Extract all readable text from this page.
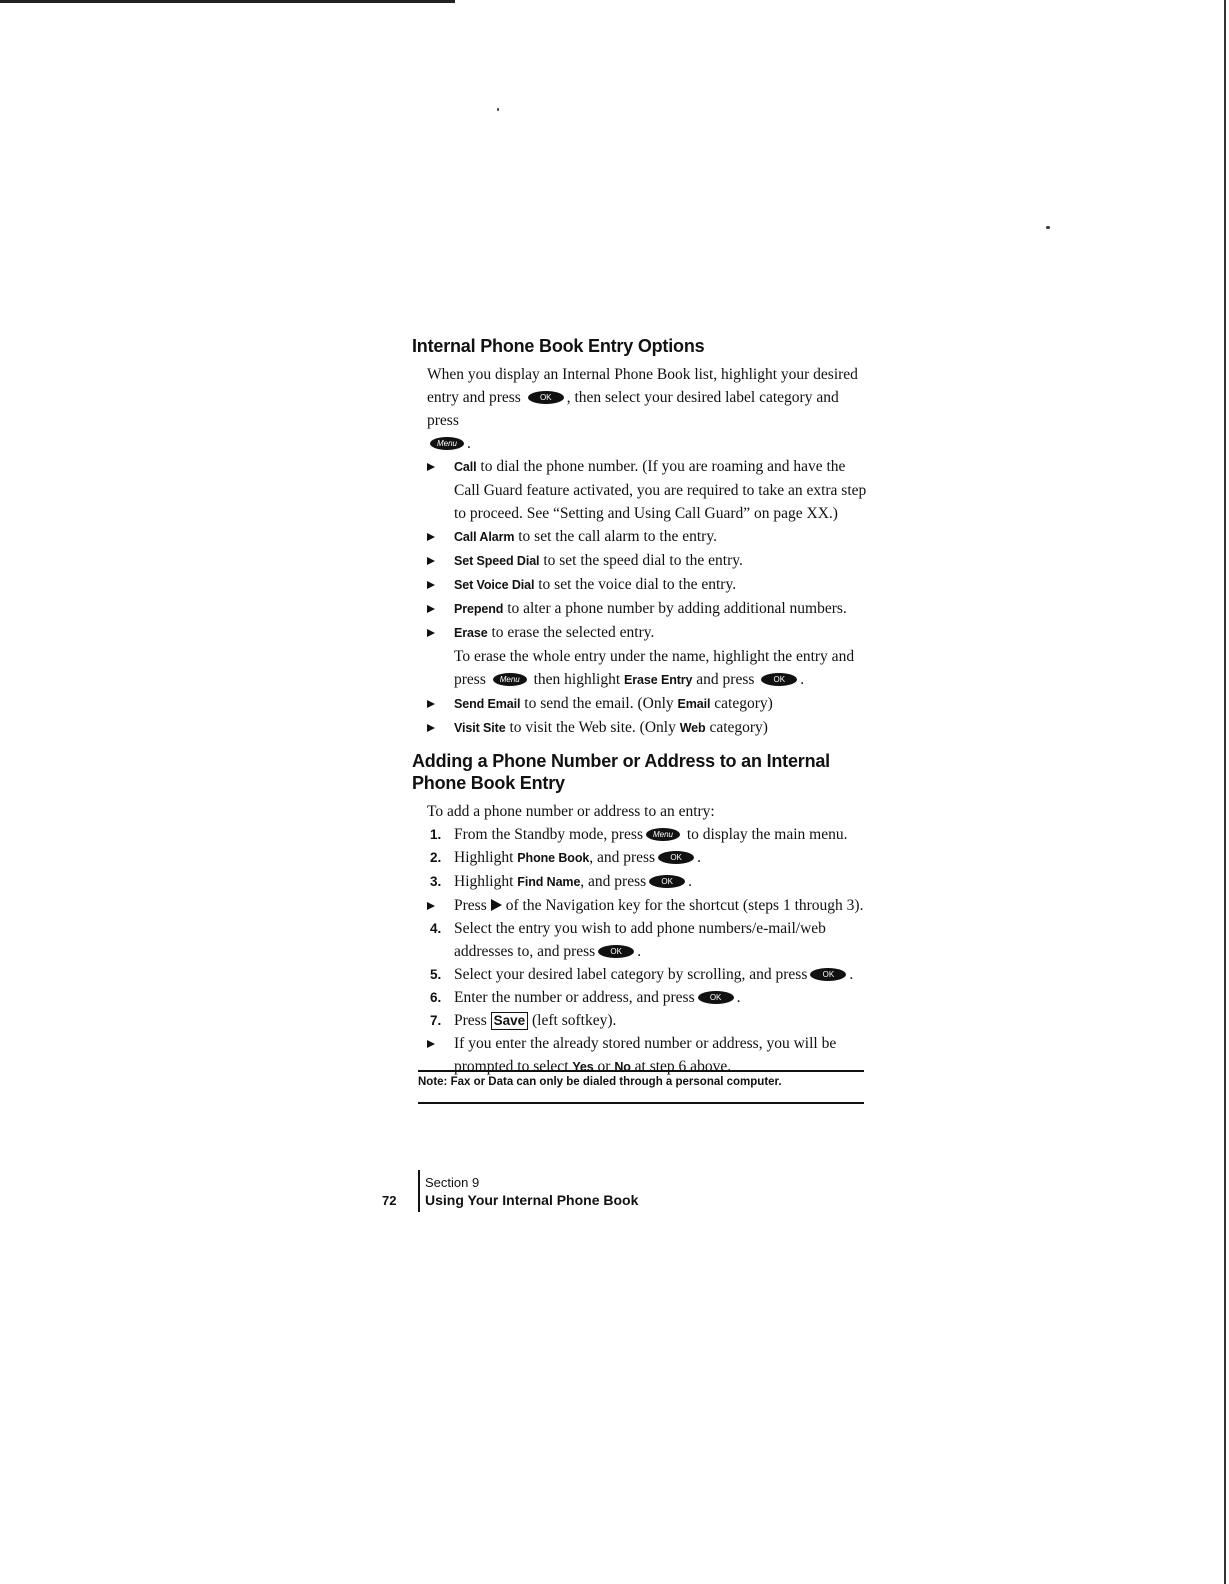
Internal Phone Book Entry Options

When you display an Internal Phone Book list, highlight your desired entry and press OK , then select your desired label category and press
Menu .

Call to dial the phone number. (If you are roaming and have the Call Guard feature activated, you are required to take an extra step to proceed. See “Setting and Using Call Guard” on page XX.)
Call Alarm to set the call alarm to the entry.
Set Speed Dial to set the speed dial to the entry.
Set Voice Dial to set the voice dial to the entry.
Prepend to alter a phone number by adding additional numbers.
Erase to erase the selected entry.
To erase the whole entry under the name, highlight the entry and press Menu then highlight Erase Entry and press OK .
Send Email to send the email. (Only Email category)
Visit Site to visit the Web site. (Only Web category)
Adding a Phone Number or Address to an Internal Phone Book Entry

To add a phone number or address to an entry:

1. From the Standby mode, press Menu to display the main menu.
2. Highlight Phone Book, and press OK .
3. Highlight Find Name, and press OK .
Press of the Navigation key for the shortcut (steps 1 through 3).
4. Select the entry you wish to add phone numbers/e-mail/web addresses to, and press OK .
5. Select your desired label category by scrolling, and press OK .
6. Enter the number or address, and press OK .
7. Press Save (left softkey).
If you enter the already stored number or address, you will be prompted to select Yes or No at step 6 above.
Note: Fax or Data can only be dialed through a personal computer.
72
Section 9
Using Your Internal Phone Book
